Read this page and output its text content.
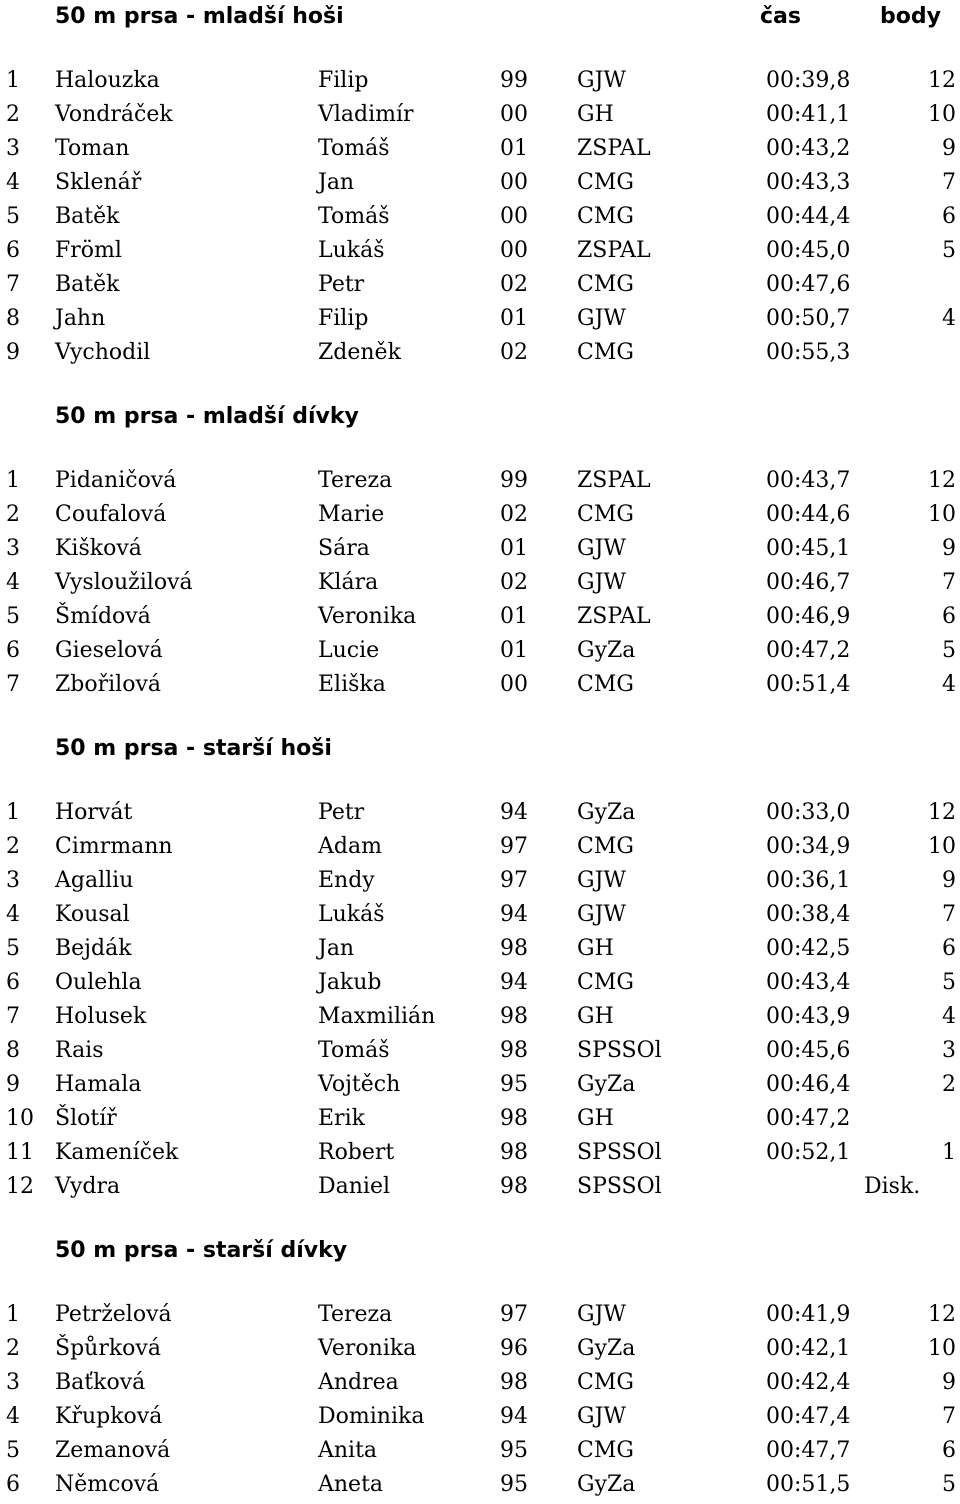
50 m prsa - mladší hoši	čas	body
1 Halouzka	Filip	99 GJW	00:39,8	12
2 Vondráček	Vladimír	00 GH	00:41,1	10
3 Toman	Tomáš	01 ZSPAL	00:43,2	9
4 Sklenář	Jan	00 CMG	00:43,3	7
5 Batěk	Tomáš	00 CMG	00:44,4	6
6 Fröml	Lukáš	00 ZSPAL	00:45,0	5
7 Batěk	Petr	02 CMG	00:47,6
8 Jahn	Filip	01 GJW	00:50,7	4
9 Vychodil	Zdeněk	02 CMG	00:55,3
50 m prsa - mladší dívky
1 Pidaničová	Tereza	99 ZSPAL	00:43,7	12
2 Coufalová	Marie	02 CMG	00:44,6	10
3 Kišková	Sára	01 GJW	00:45,1	9
4 Vysloužilová	Klára	02 GJW	00:46,7	7
5 Šmídová	Veronika	01 ZSPAL	00:46,9	6
6 Gieselová	Lucie	01 GyZa	00:47,2	5
7 Zbořilová	Eliška	00 CMG	00:51,4	4
50 m prsa - starší hoši
1 Horvát	Petr	94 GyZa	00:33,0	12
2 Cimrmann	Adam	97 CMG	00:34,9	10
3 Agalliu	Endy	97 GJW	00:36,1	9
4 Kousal	Lukáš	94 GJW	00:38,4	7
5 Bejdák	Jan	98 GH	00:42,5	6
6 Oulehla	Jakub	94 CMG	00:43,4	5
7 Holusek	Maxmilián	98 GH	00:43,9	4
8 Rais	Tomáš	98 SPSSOl	00:45,6	3
9 Hamala	Vojtěch	95 GyZa	00:46,4	2
10 Šlotíř	Erik	98 GH	00:47,2
11 Kameníček	Robert	98 SPSSOl	00:52,1	1
12 Vydra	Daniel	98 SPSSOl	Disk.
50 m prsa - starší dívky
1 Petrželová	Tereza	97 GJW	00:41,9	12
2 Špůrková	Veronika	96 GyZa	00:42,1	10
3 Baťková	Andrea	98 CMG	00:42,4	9
4 Křupková	Dominika	94 GJW	00:47,4	7
5 Zemanová	Anita	95 CMG	00:47,7	6
6 Němcová	Aneta	95 GyZa	00:51,5	5
